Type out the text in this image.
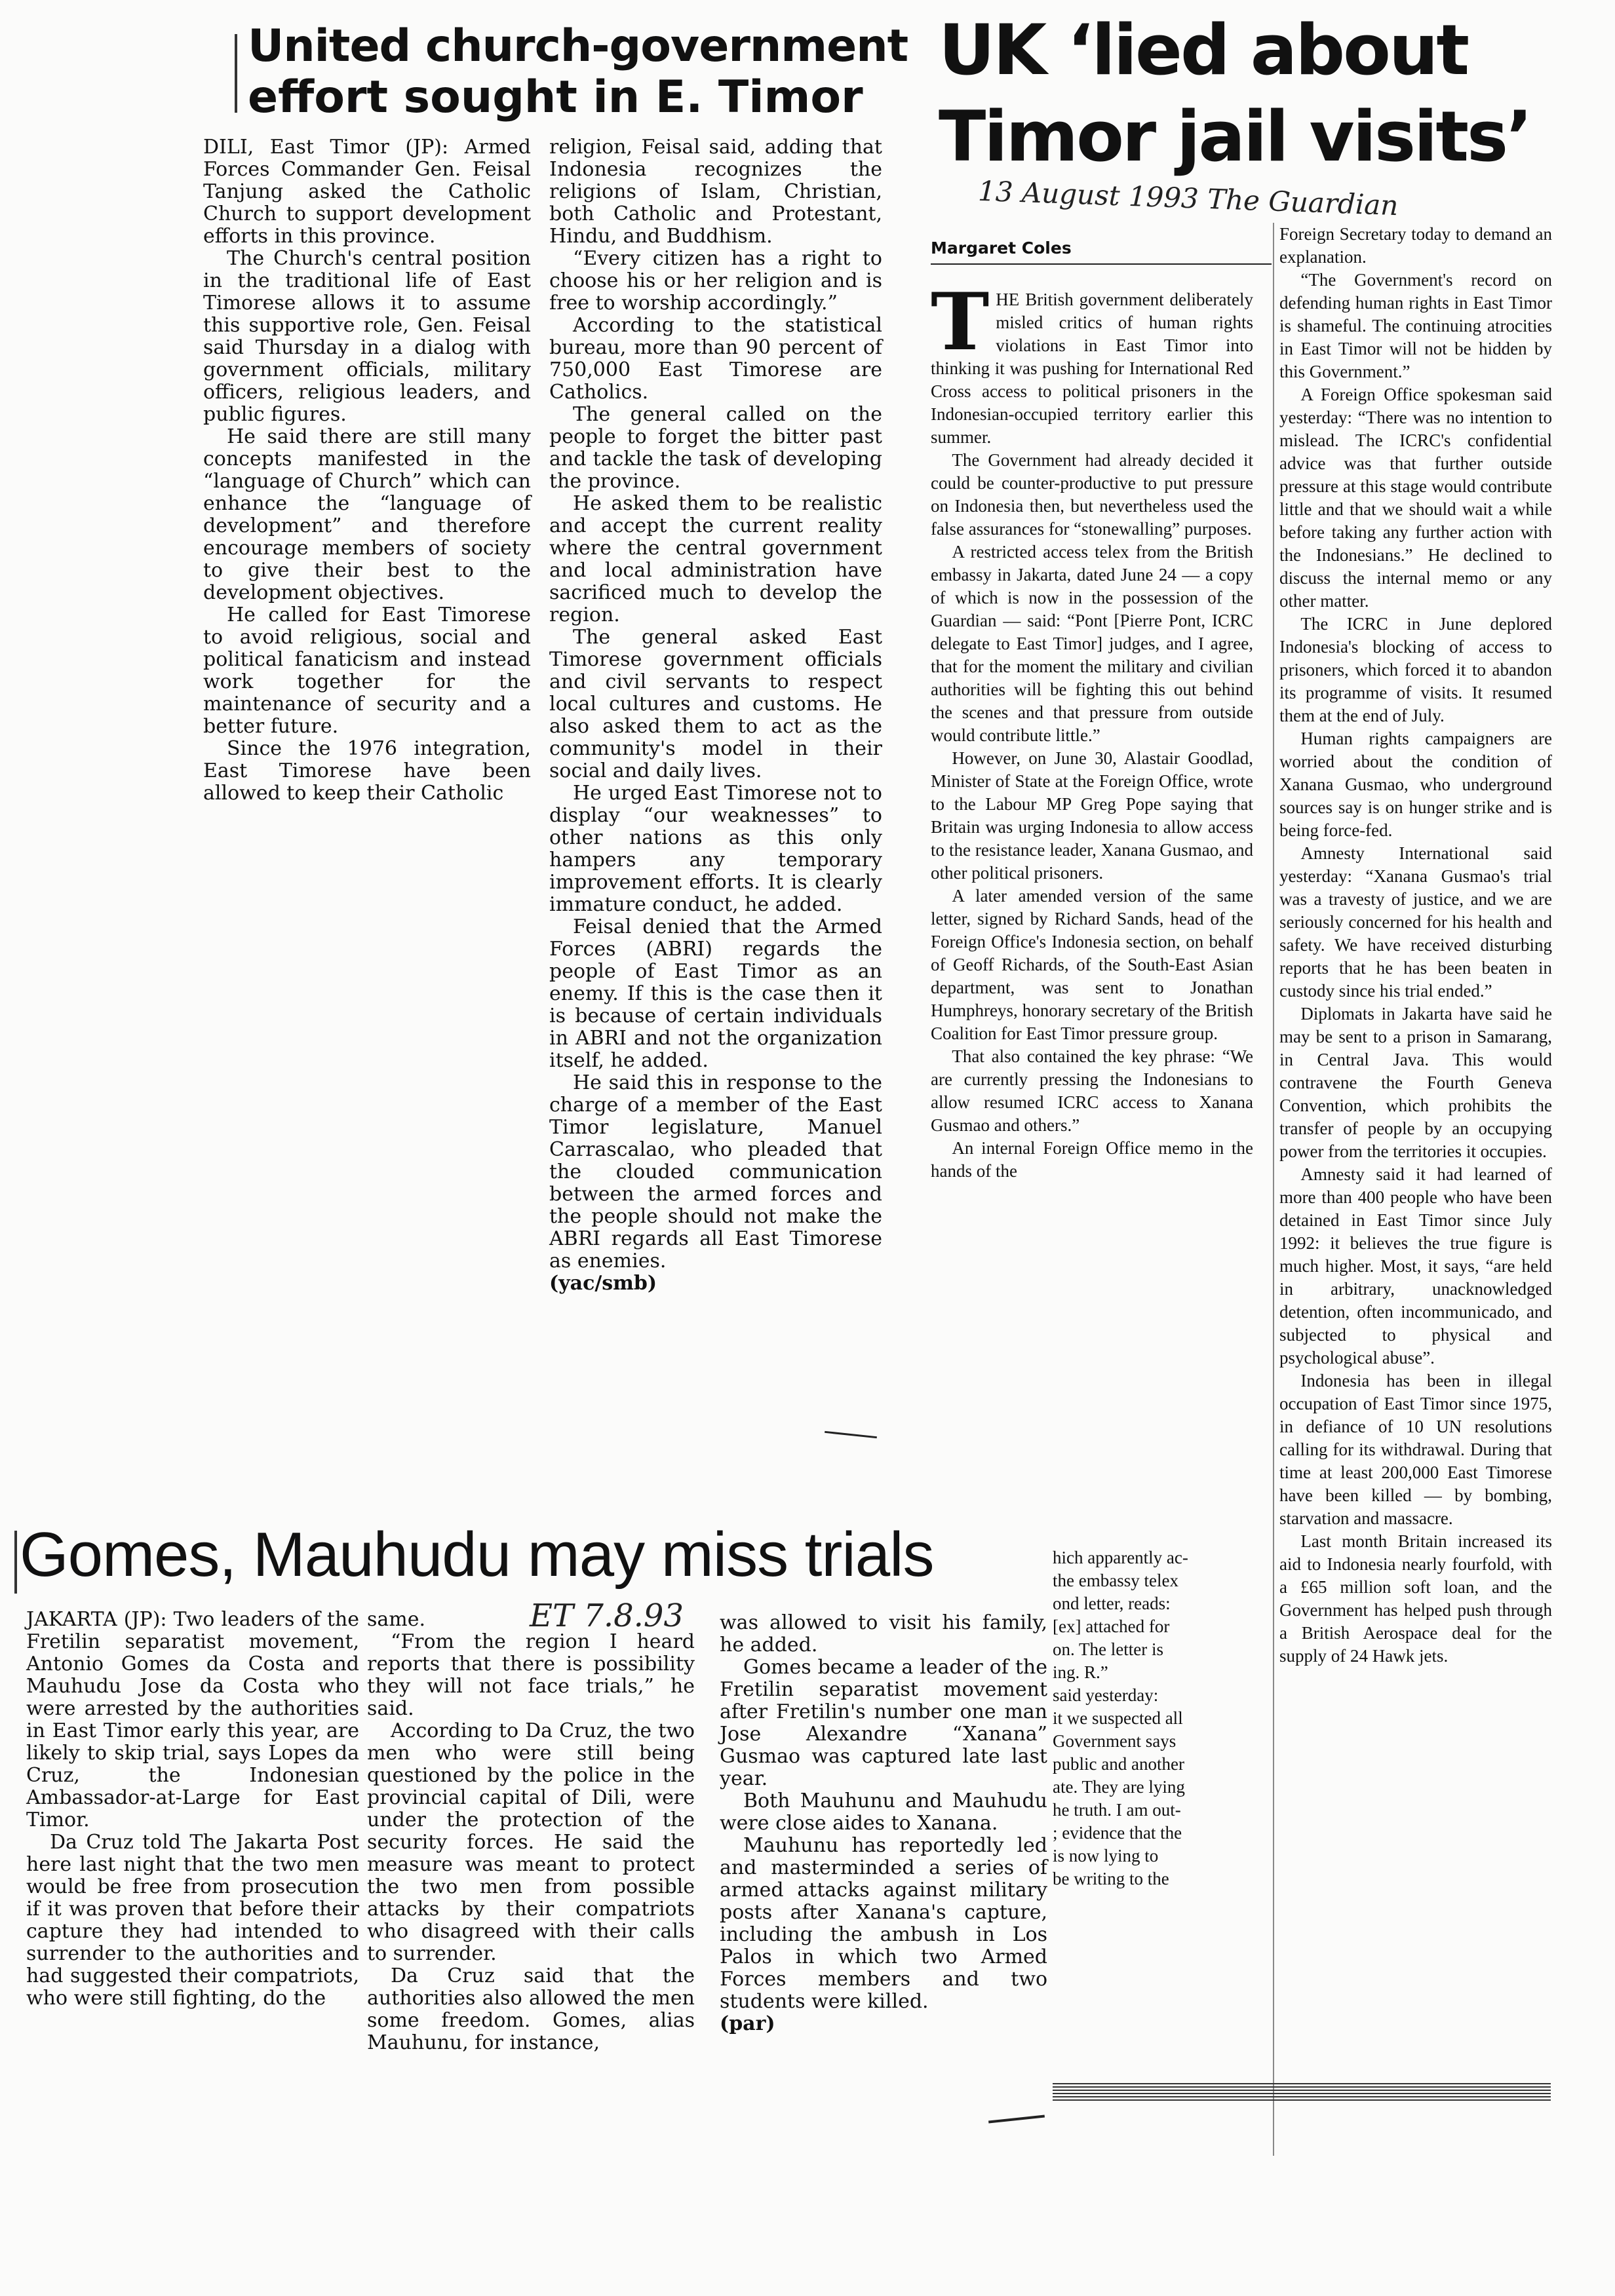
United church-government
effort sought in E. Timor

DILI, East Timor (JP): Armed Forces Commander Gen. Feisal Tanjung asked the Catholic Church to support development efforts in this province.

The Church's central position in the traditional life of East Timorese allows it to assume this supportive role, Gen. Feisal said Thursday in a dialog with government officials, military officers, religious leaders, and public figures.

He said there are still many concepts manifested in the “language of Church” which can enhance the “language of development” and therefore encourage members of society to give their best to the development objectives.

He called for East Timorese to avoid religious, social and political fanaticism and instead work together for the maintenance of security and a better future.

Since the 1976 integration, East Timorese have been allowed to keep their Catholic

religion, Feisal said, adding that Indonesia recognizes the religions of Islam, Christian, both Catholic and Protestant, Hindu, and Buddhism.

“Every citizen has a right to choose his or her religion and is free to worship accordingly.”

According to the statistical bureau, more than 90 percent of 750,000 East Timorese are Catholics.

The general called on the people to forget the bitter past and tackle the task of developing the province.

He asked them to be realistic and accept the current reality where the central government and local administration have sacrificed much to develop the region.

The general asked East Timorese government officials and civil servants to respect local cultures and customs. He also asked them to act as the community's model in their social and daily lives.

He urged East Timorese not to display “our weaknesses” to other nations as this only hampers any temporary improvement efforts. It is clearly immature conduct, he added.

Feisal denied that the Armed Forces (ABRI) regards the people of East Timor as an enemy. If this is the case then it is because of certain individuals in ABRI and not the organization itself, he added.

He said this in response to the charge of a member of the East Timor legislature, Manuel Carrascalao, who pleaded that the clouded communication between the armed forces and the people should not make the ABRI regards all East Timorese as enemies.

(yac/smb)

UK ‘lied about
Timor jail visits’
13 August 1993 The Guardian
Margaret Coles

THE British government deliberately misled critics of human rights violations in East Timor into thinking it was pushing for International Red Cross access to political prisoners in the Indonesian-occupied territory earlier this summer.

The Government had already decided it could be counter-productive to put pressure on Indonesia then, but nevertheless used the false assurances for “stonewalling” purposes.

A restricted access telex from the British embassy in Jakarta, dated June 24 — a copy of which is now in the possession of the Guardian — said: “Pont [Pierre Pont, ICRC delegate to East Timor] judges, and I agree, that for the moment the military and civilian authorities will be fighting this out behind the scenes and that pressure from outside would contribute little.”

However, on June 30, Alastair Goodlad, Minister of State at the Foreign Office, wrote to the Labour MP Greg Pope saying that Britain was urging Indonesia to allow access to the resistance leader, Xanana Gusmao, and other political prisoners.

A later amended version of the same letter, signed by Richard Sands, head of the Foreign Office's Indonesia section, on behalf of Geoff Richards, of the South-East Asian department, was sent to Jonathan Humphreys, honorary secretary of the British Coalition for East Timor pressure group.

That also contained the key phrase: “We are currently pressing the Indonesians to allow resumed ICRC access to Xanana Gusmao and others.”

An internal Foreign Office memo in the hands of the

hich apparently ac-
the embassy telex
ond letter, reads:
[ex] attached for
on. The letter is
ing. R.”
said yesterday:
it we suspected all
Government says
public and another
ate. They are lying
he truth. I am out-
; evidence that the
is now lying to
be writing to the

Foreign Secretary today to demand an explanation.

“The Government's record on defending human rights in East Timor is shameful. The continuing atrocities in East Timor will not be hidden by this Government.”

A Foreign Office spokesman said yesterday: “There was no intention to mislead. The ICRC's confidential advice was that further outside pressure at this stage would contribute little and that we should wait a while before taking any further action with the Indonesians.” He declined to discuss the internal memo or any other matter.

The ICRC in June deplored Indonesia's blocking of access to prisoners, which forced it to abandon its programme of visits. It resumed them at the end of July.

Human rights campaigners are worried about the condition of Xanana Gusmao, who underground sources say is on hunger strike and is being force-fed.

Amnesty International said yesterday: “Xanana Gusmao's trial was a travesty of justice, and we are seriously concerned for his health and safety. We have received disturbing reports that he has been beaten in custody since his trial ended.”

Diplomats in Jakarta have said he may be sent to a prison in Samarang, in Central Java. This would contravene the Fourth Geneva Convention, which prohibits the transfer of people by an occupying power from the territories it occupies.

Amnesty said it had learned of more than 400 people who have been detained in East Timor since July 1992: it believes the true figure is much higher. Most, it says, “are held in arbitrary, unacknowledged detention, often incommunicado, and subjected to physical and psychological abuse”.

Indonesia has been in illegal occupation of East Timor since 1975, in defiance of 10 UN resolutions calling for its withdrawal. During that time at least 200,000 East Timorese have been killed — by bombing, starvation and massacre.

Last month Britain increased its aid to Indonesia nearly fourfold, with a £65 million soft loan, and the Government has helped push through a British Aerospace deal for the supply of 24 Hawk jets.

Gomes, Mauhudu may miss trials
ET 7.8.93

JAKARTA (JP): Two leaders of the Fretilin separatist movement, Antonio Gomes da Costa and Mauhudu Jose da Costa who were arrested by the authorities in East Timor early this year, are likely to skip trial, says Lopes da Cruz, the Indonesian Ambassador-at-Large for East Timor.

Da Cruz told The Jakarta Post here last night that the two men would be free from prosecution if it was proven that before their capture they had intended to surrender to the authorities and had suggested their compatriots, who were still fighting, do the

same.

“From the region I heard reports that there is possibility they will not face trials,” he said.

According to Da Cruz, the two men who were still being questioned by the police in the provincial capital of Dili, were under the protection of the security forces. He said the measure was meant to protect the two men from possible attacks by their compatriots who disagreed with their calls to surrender.

Da Cruz said that the authorities also allowed the men some freedom. Gomes, alias Mauhunu, for instance,

was allowed to visit his family, he added.

Gomes became a leader of the Fretilin separatist movement after Fretilin's number one man Jose Alexandre “Xanana” Gusmao was captured late last year.

Both Mauhunu and Mauhudu were close aides to Xanana.

Mauhunu has reportedly led and masterminded a series of armed attacks against military posts after Xanana's capture, including the ambush in Los Palos in which two Armed Forces members and two students were killed.

(par)
